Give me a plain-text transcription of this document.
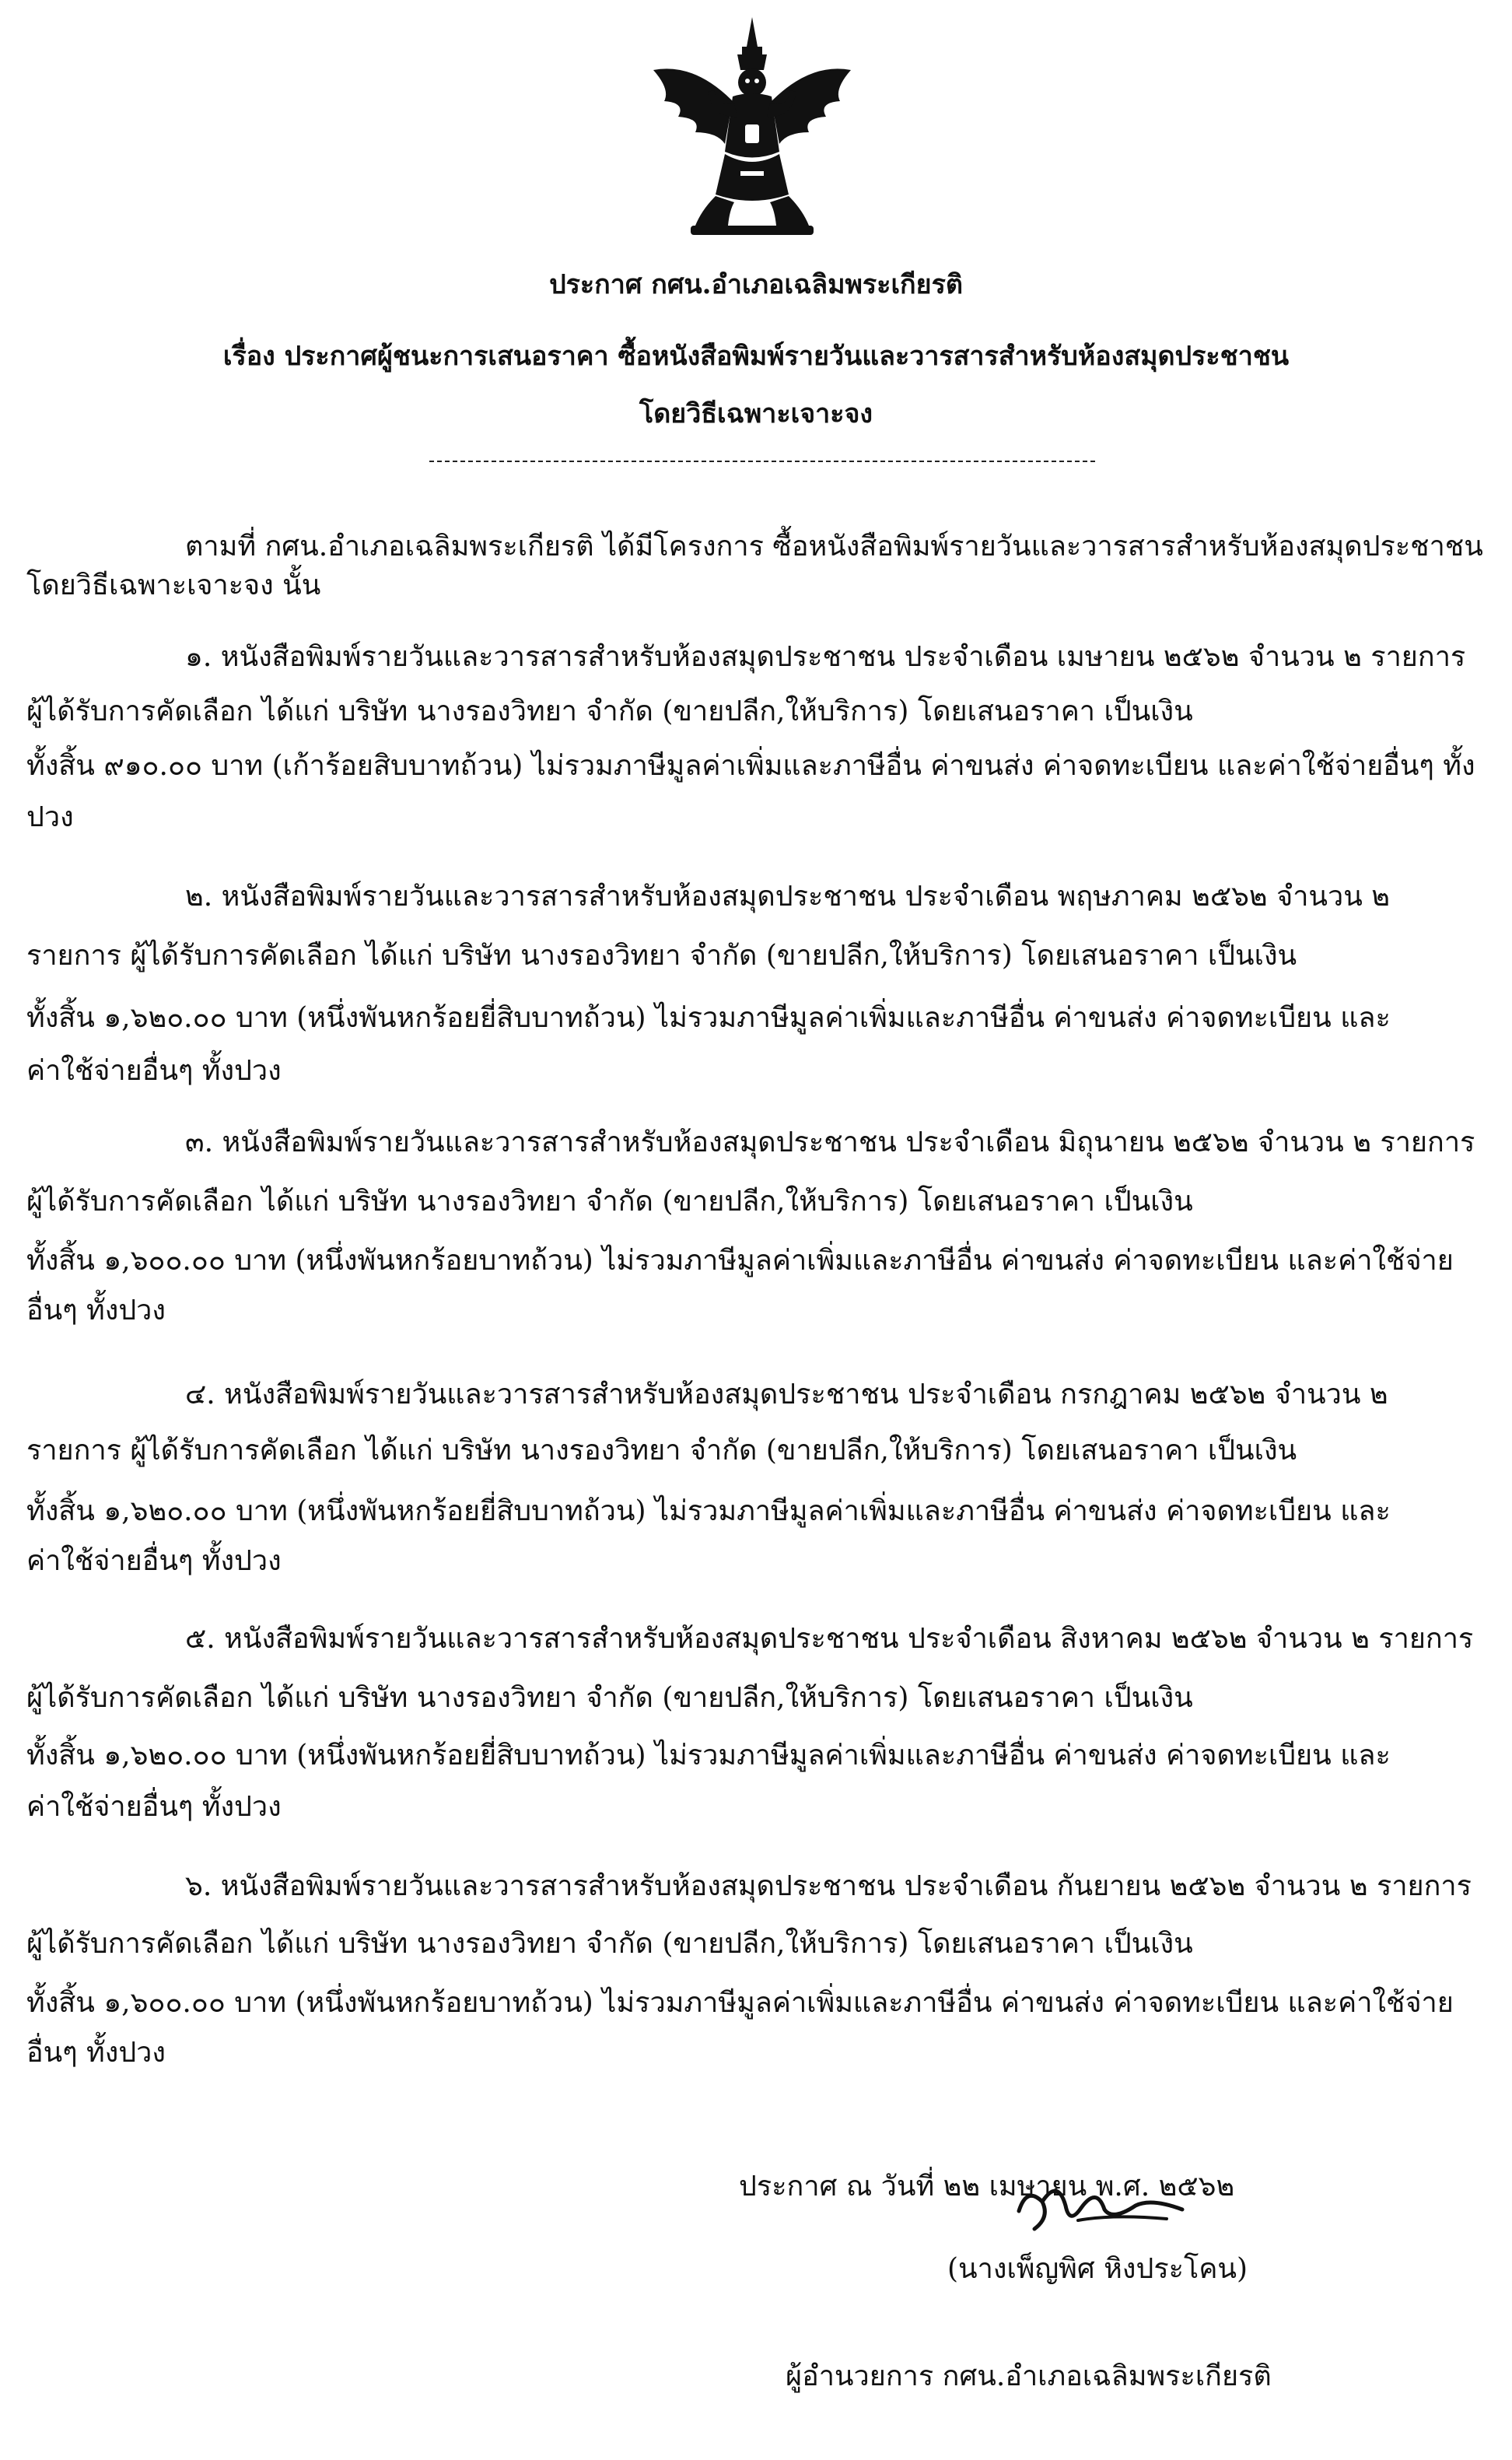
ประกาศ กศน.อำเภอเฉลิมพระเกียรติ
เรื่อง ประกาศผู้ชนะการเสนอราคา ซื้อหนังสือพิมพ์รายวันและวารสารสำหรับห้องสมุดประชาชน
โดยวิธีเฉพาะเจาะจง
ตามที่ กศน.อำเภอเฉลิมพระเกียรติ ได้มีโครงการ ซื้อหนังสือพิมพ์รายวันและวารสารสำหรับห้องสมุดประชาชน
โดยวิธีเฉพาะเจาะจง นั้น
๑. หนังสือพิมพ์รายวันและวารสารสำหรับห้องสมุดประชาชน ประจำเดือน เมษายน ๒๕๖๒ จำนวน ๒ รายการ
ผู้ได้รับการคัดเลือก ได้แก่ บริษัท นางรองวิทยา จำกัด (ขายปลีก,ให้บริการ) โดยเสนอราคา เป็นเงิน
ทั้งสิ้น ๙๑๐.๐๐ บาท (เก้าร้อยสิบบาทถ้วน) ไม่รวมภาษีมูลค่าเพิ่มและภาษีอื่น ค่าขนส่ง ค่าจดทะเบียน และค่าใช้จ่ายอื่นๆ ทั้ง
ปวง
๒. หนังสือพิมพ์รายวันและวารสารสำหรับห้องสมุดประชาชน ประจำเดือน พฤษภาคม ๒๕๖๒ จำนวน ๒
รายการ ผู้ได้รับการคัดเลือก ได้แก่ บริษัท นางรองวิทยา จำกัด (ขายปลีก,ให้บริการ) โดยเสนอราคา เป็นเงิน
ทั้งสิ้น ๑,๖๒๐.๐๐ บาท (หนึ่งพันหกร้อยยี่สิบบาทถ้วน) ไม่รวมภาษีมูลค่าเพิ่มและภาษีอื่น ค่าขนส่ง ค่าจดทะเบียน และ
ค่าใช้จ่ายอื่นๆ ทั้งปวง
๓. หนังสือพิมพ์รายวันและวารสารสำหรับห้องสมุดประชาชน ประจำเดือน มิถุนายน ๒๕๖๒ จำนวน ๒ รายการ
ผู้ได้รับการคัดเลือก ได้แก่ บริษัท นางรองวิทยา จำกัด (ขายปลีก,ให้บริการ) โดยเสนอราคา เป็นเงิน
ทั้งสิ้น ๑,๖๐๐.๐๐ บาท (หนึ่งพันหกร้อยบาทถ้วน) ไม่รวมภาษีมูลค่าเพิ่มและภาษีอื่น ค่าขนส่ง ค่าจดทะเบียน และค่าใช้จ่าย
อื่นๆ ทั้งปวง
๔. หนังสือพิมพ์รายวันและวารสารสำหรับห้องสมุดประชาชน ประจำเดือน กรกฎาคม ๒๕๖๒ จำนวน ๒
รายการ ผู้ได้รับการคัดเลือก ได้แก่ บริษัท นางรองวิทยา จำกัด (ขายปลีก,ให้บริการ) โดยเสนอราคา เป็นเงิน
ทั้งสิ้น ๑,๖๒๐.๐๐ บาท (หนึ่งพันหกร้อยยี่สิบบาทถ้วน) ไม่รวมภาษีมูลค่าเพิ่มและภาษีอื่น ค่าขนส่ง ค่าจดทะเบียน และ
ค่าใช้จ่ายอื่นๆ ทั้งปวง
๕. หนังสือพิมพ์รายวันและวารสารสำหรับห้องสมุดประชาชน ประจำเดือน สิงหาคม ๒๕๖๒ จำนวน ๒ รายการ
ผู้ได้รับการคัดเลือก ได้แก่ บริษัท นางรองวิทยา จำกัด (ขายปลีก,ให้บริการ) โดยเสนอราคา เป็นเงิน
ทั้งสิ้น ๑,๖๒๐.๐๐ บาท (หนึ่งพันหกร้อยยี่สิบบาทถ้วน) ไม่รวมภาษีมูลค่าเพิ่มและภาษีอื่น ค่าขนส่ง ค่าจดทะเบียน และ
ค่าใช้จ่ายอื่นๆ ทั้งปวง
๖. หนังสือพิมพ์รายวันและวารสารสำหรับห้องสมุดประชาชน ประจำเดือน กันยายน ๒๕๖๒ จำนวน ๒ รายการ
ผู้ได้รับการคัดเลือก ได้แก่ บริษัท นางรองวิทยา จำกัด (ขายปลีก,ให้บริการ) โดยเสนอราคา เป็นเงิน
ทั้งสิ้น ๑,๖๐๐.๐๐ บาท (หนึ่งพันหกร้อยบาทถ้วน) ไม่รวมภาษีมูลค่าเพิ่มและภาษีอื่น ค่าขนส่ง ค่าจดทะเบียน และค่าใช้จ่าย
อื่นๆ ทั้งปวง
ประกาศ ณ วันที่ ๒๒ เมษายน พ.ศ. ๒๕๖๒
(นางเพ็ญพิศ หิงประโคน)
ผู้อำนวยการ กศน.อำเภอเฉลิมพระเกียรติ
